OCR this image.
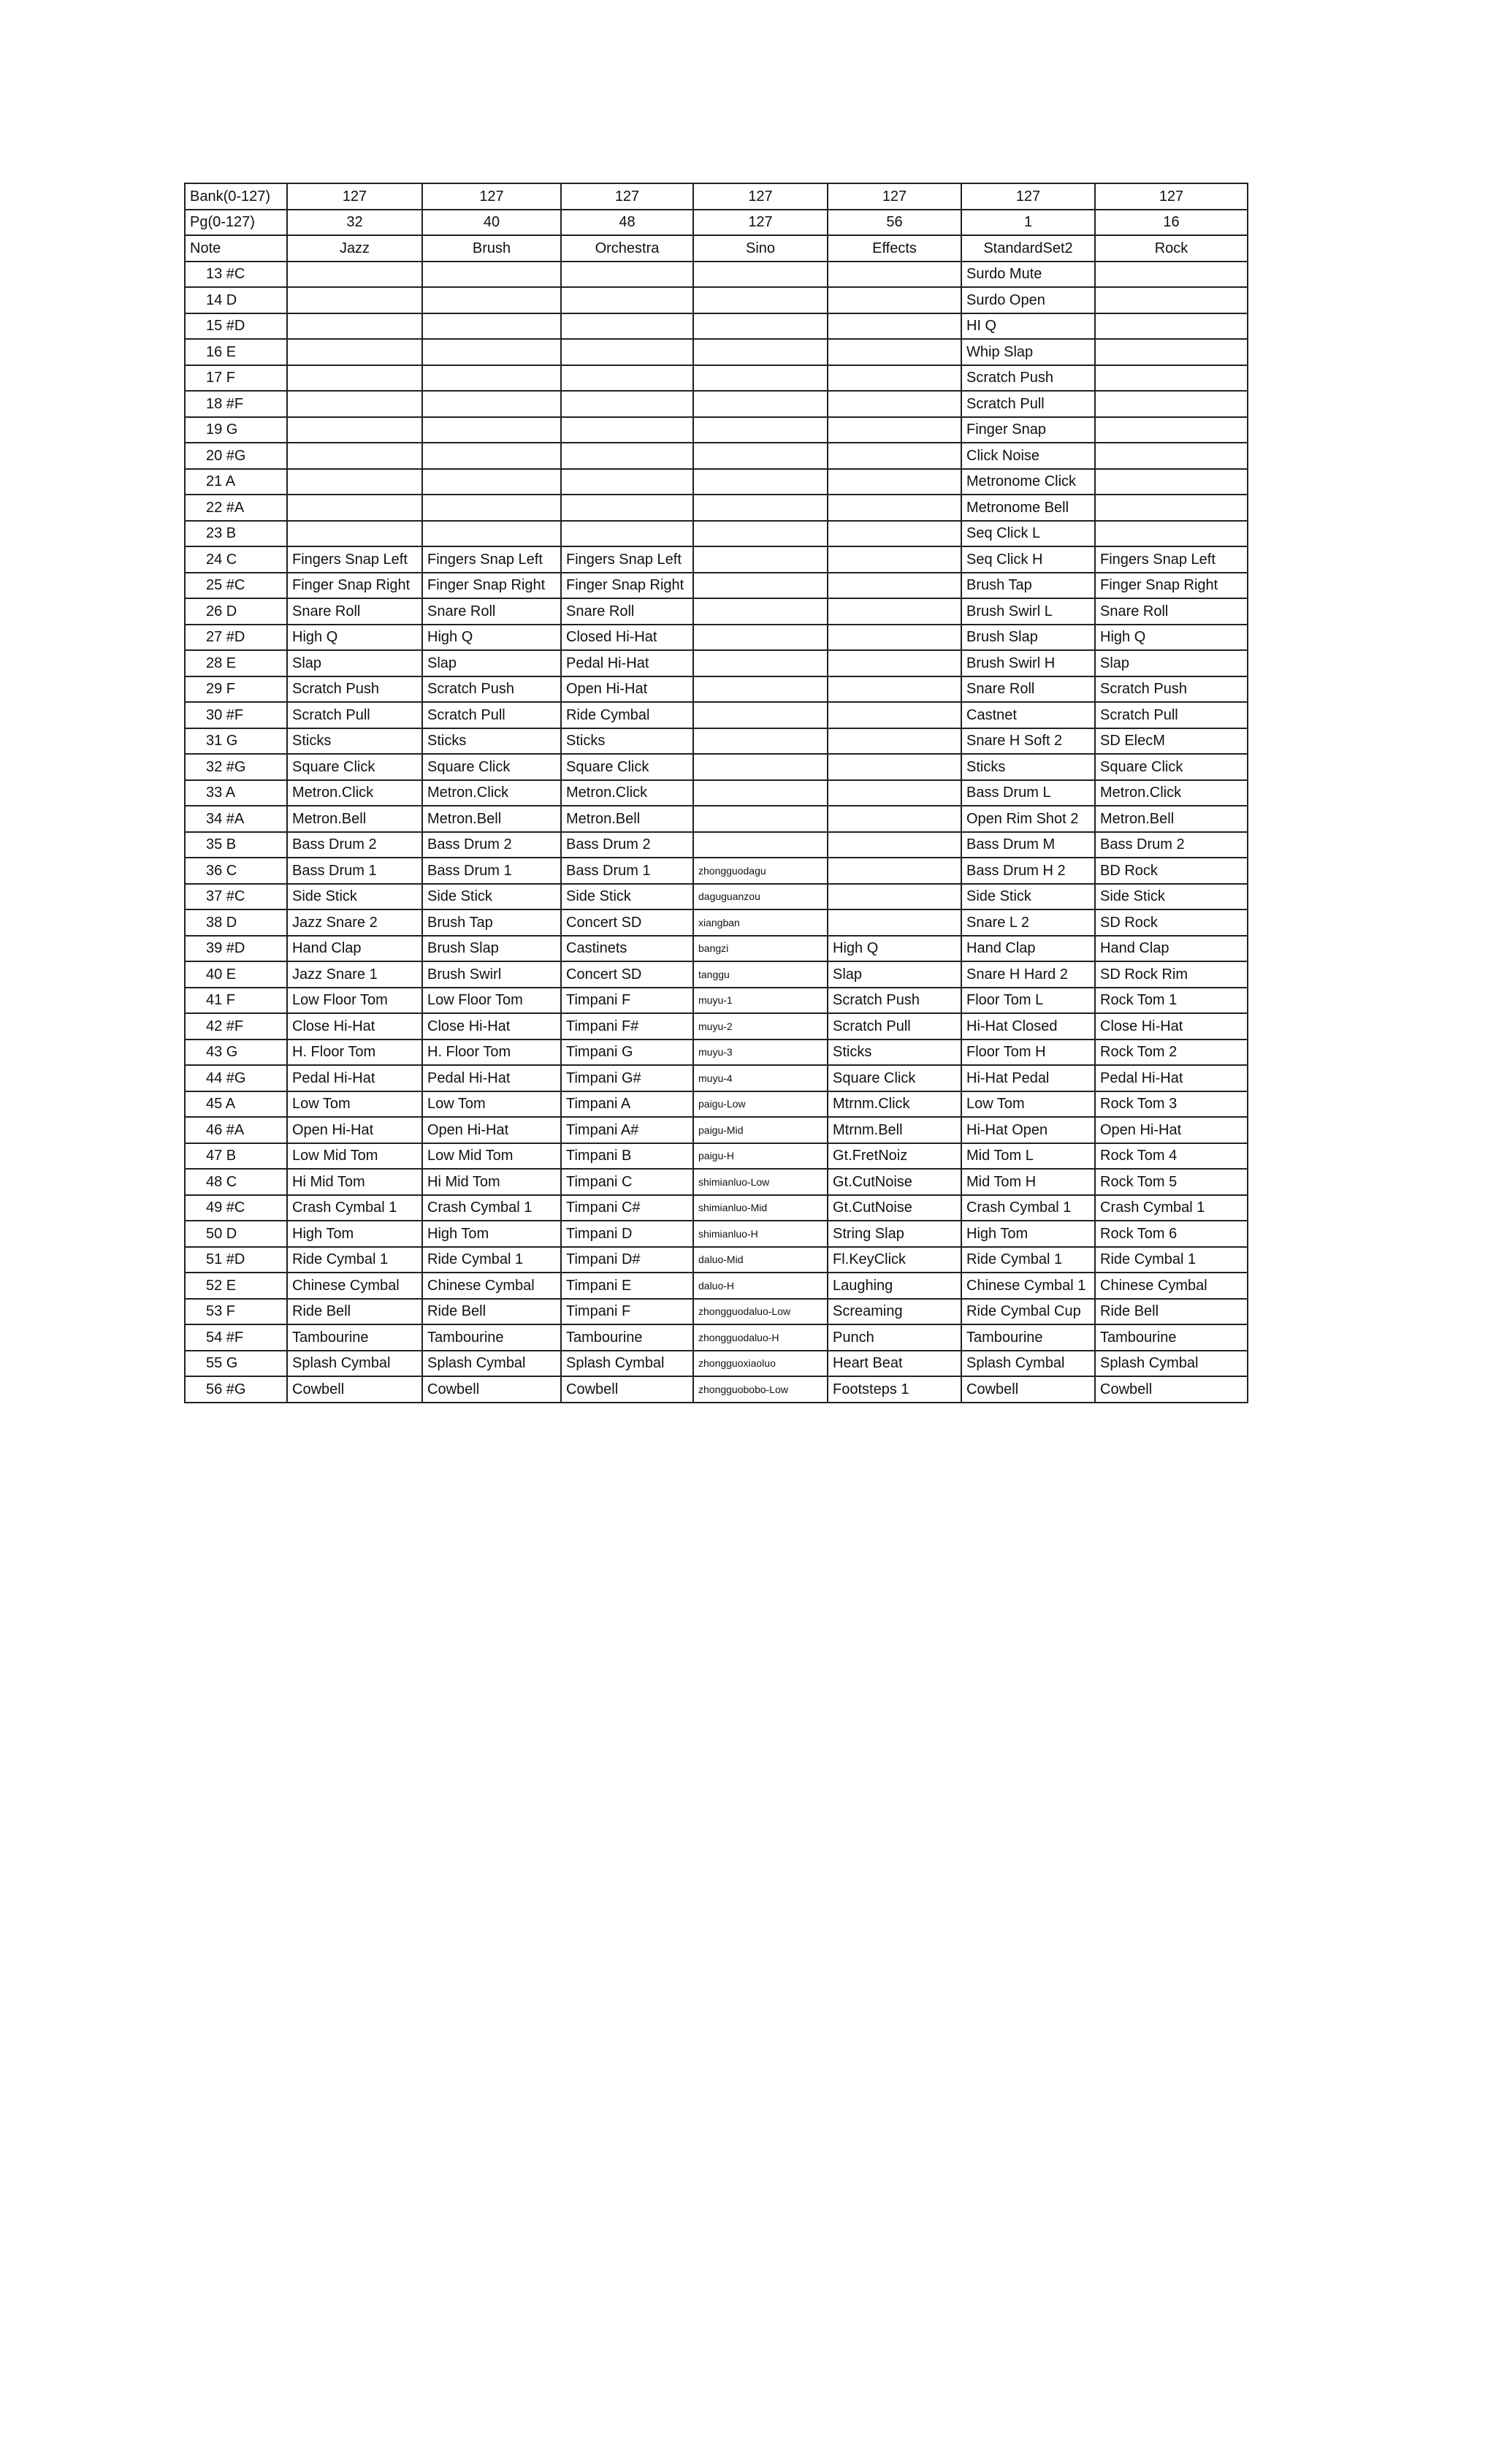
Bank(0-127)	127	127	127	127	127	127	127
Pg(0-127)	32	40	48	127	56	1	16
Note	Jazz	Brush	Orchestra	Sino	Effects	StandardSet2	Rock
13 #C						Surdo Mute	
14 D						Surdo Open	
15 #D						HI Q	
16 E						Whip Slap	
17 F						Scratch Push	
18 #F						Scratch Pull	
19 G						Finger Snap	
20 #G						Click Noise	
21 A						Metronome Click	
22 #A						Metronome Bell	
23 B						Seq Click L	
24 C	Fingers Snap Left	Fingers Snap Left	Fingers Snap Left			Seq Click H	Fingers Snap Left
25 #C	Finger Snap Right	Finger Snap Right	Finger Snap Right			Brush Tap	Finger Snap Right
26 D	Snare Roll	Snare Roll	Snare Roll			Brush Swirl L	Snare Roll
27 #D	High Q	High Q	Closed Hi-Hat			Brush Slap	High Q
28 E	Slap	Slap	Pedal Hi-Hat			Brush Swirl H	Slap
29 F	Scratch Push	Scratch Push	Open Hi-Hat			Snare Roll	Scratch Push
30 #F	Scratch Pull	Scratch Pull	Ride Cymbal			Castnet	Scratch Pull
31 G	Sticks	Sticks	Sticks			Snare H Soft 2	SD ElecM
32 #G	Square Click	Square Click	Square Click			Sticks	Square Click
33 A	Metron.Click	Metron.Click	Metron.Click			Bass Drum L	Metron.Click
34 #A	Metron.Bell	Metron.Bell	Metron.Bell			Open Rim Shot 2	Metron.Bell
35 B	Bass Drum 2	Bass Drum 2	Bass Drum 2			Bass Drum M	Bass Drum 2
36 C	Bass Drum 1	Bass Drum 1	Bass Drum 1	zhongguodagu		Bass Drum H 2	BD Rock
37 #C	Side Stick	Side Stick	Side Stick	daguguanzou		Side Stick	Side Stick
38 D	Jazz Snare 2	Brush Tap	Concert SD	xiangban		Snare L 2	SD Rock
39 #D	Hand Clap	Brush Slap	Castinets	bangzi	High Q	Hand Clap	Hand Clap
40 E	Jazz Snare 1	Brush Swirl	Concert SD	tanggu	Slap	Snare H Hard 2	SD Rock Rim
41 F	Low Floor Tom	Low Floor Tom	Timpani F	muyu-1	Scratch Push	Floor Tom L	Rock Tom 1
42 #F	Close Hi-Hat	Close Hi-Hat	Timpani F#	muyu-2	Scratch Pull	Hi-Hat Closed	Close Hi-Hat
43 G	H. Floor Tom	H. Floor Tom	Timpani G	muyu-3	Sticks	Floor Tom H	Rock Tom 2
44 #G	Pedal Hi-Hat	Pedal Hi-Hat	Timpani G#	muyu-4	Square Click	Hi-Hat Pedal	Pedal Hi-Hat
45 A	Low Tom	Low Tom	Timpani A	paigu-Low	Mtrnm.Click	Low Tom	Rock Tom 3
46 #A	Open Hi-Hat	Open Hi-Hat	Timpani A#	paigu-Mid	Mtrnm.Bell	Hi-Hat Open	Open Hi-Hat
47 B	Low Mid Tom	Low Mid Tom	Timpani B	paigu-H	Gt.FretNoiz	Mid Tom L	Rock Tom 4
48 C	Hi Mid Tom	Hi Mid Tom	Timpani C	shimianluo-Low	Gt.CutNoise	Mid Tom H	Rock Tom 5
49 #C	Crash Cymbal 1	Crash Cymbal 1	Timpani C#	shimianluo-Mid	Gt.CutNoise	Crash Cymbal 1	Crash Cymbal 1
50 D	High Tom	High Tom	Timpani D	shimianluo-H	String Slap	High Tom	Rock Tom 6
51 #D	Ride Cymbal 1	Ride Cymbal 1	Timpani D#	daluo-Mid	Fl.KeyClick	Ride Cymbal 1	Ride Cymbal 1
52 E	Chinese Cymbal	Chinese Cymbal	Timpani E	daluo-H	Laughing	Chinese Cymbal 1	Chinese Cymbal
53 F	Ride Bell	Ride Bell	Timpani F	zhongguodaluo-Low	Screaming	Ride Cymbal Cup	Ride Bell
54 #F	Tambourine	Tambourine	Tambourine	zhongguodaluo-H	Punch	Tambourine	Tambourine
55 G	Splash Cymbal	Splash Cymbal	Splash Cymbal	zhongguoxiaoluo	Heart Beat	Splash Cymbal	Splash Cymbal
56 #G	Cowbell	Cowbell	Cowbell	zhongguobobo-Low	Footsteps 1	Cowbell	Cowbell
